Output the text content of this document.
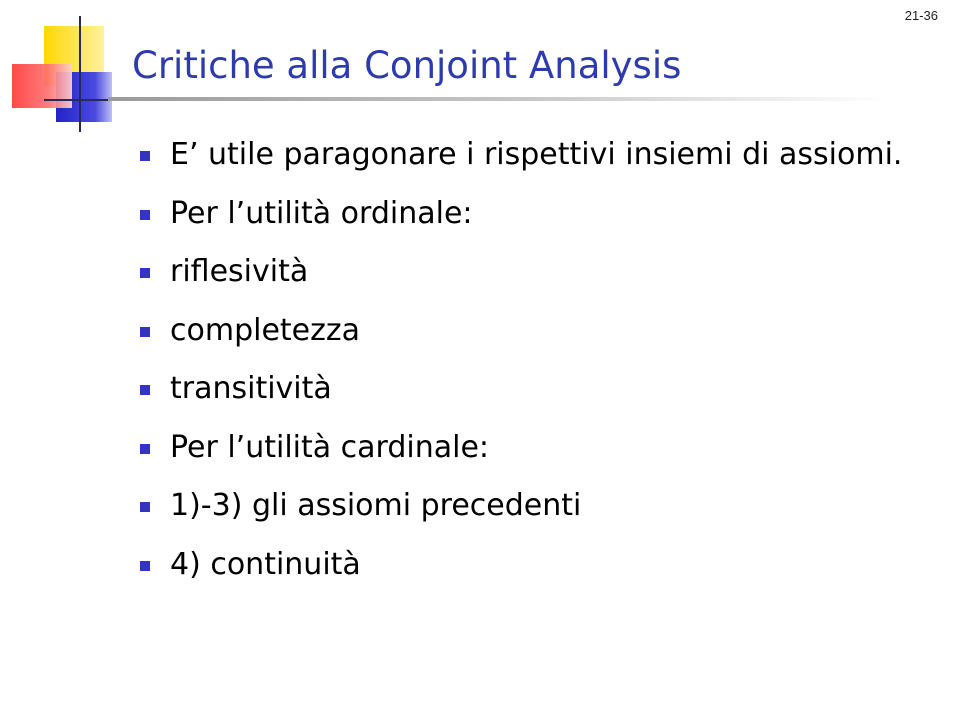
21-36
Critiche alla Conjoint Analysis
E’ utile paragonare i rispettivi insiemi di assiomi.
Per l’utilità ordinale:
riflesività
completezza
transitività
Per l’utilità cardinale:
1)-3) gli assiomi precedenti
4) continuità
